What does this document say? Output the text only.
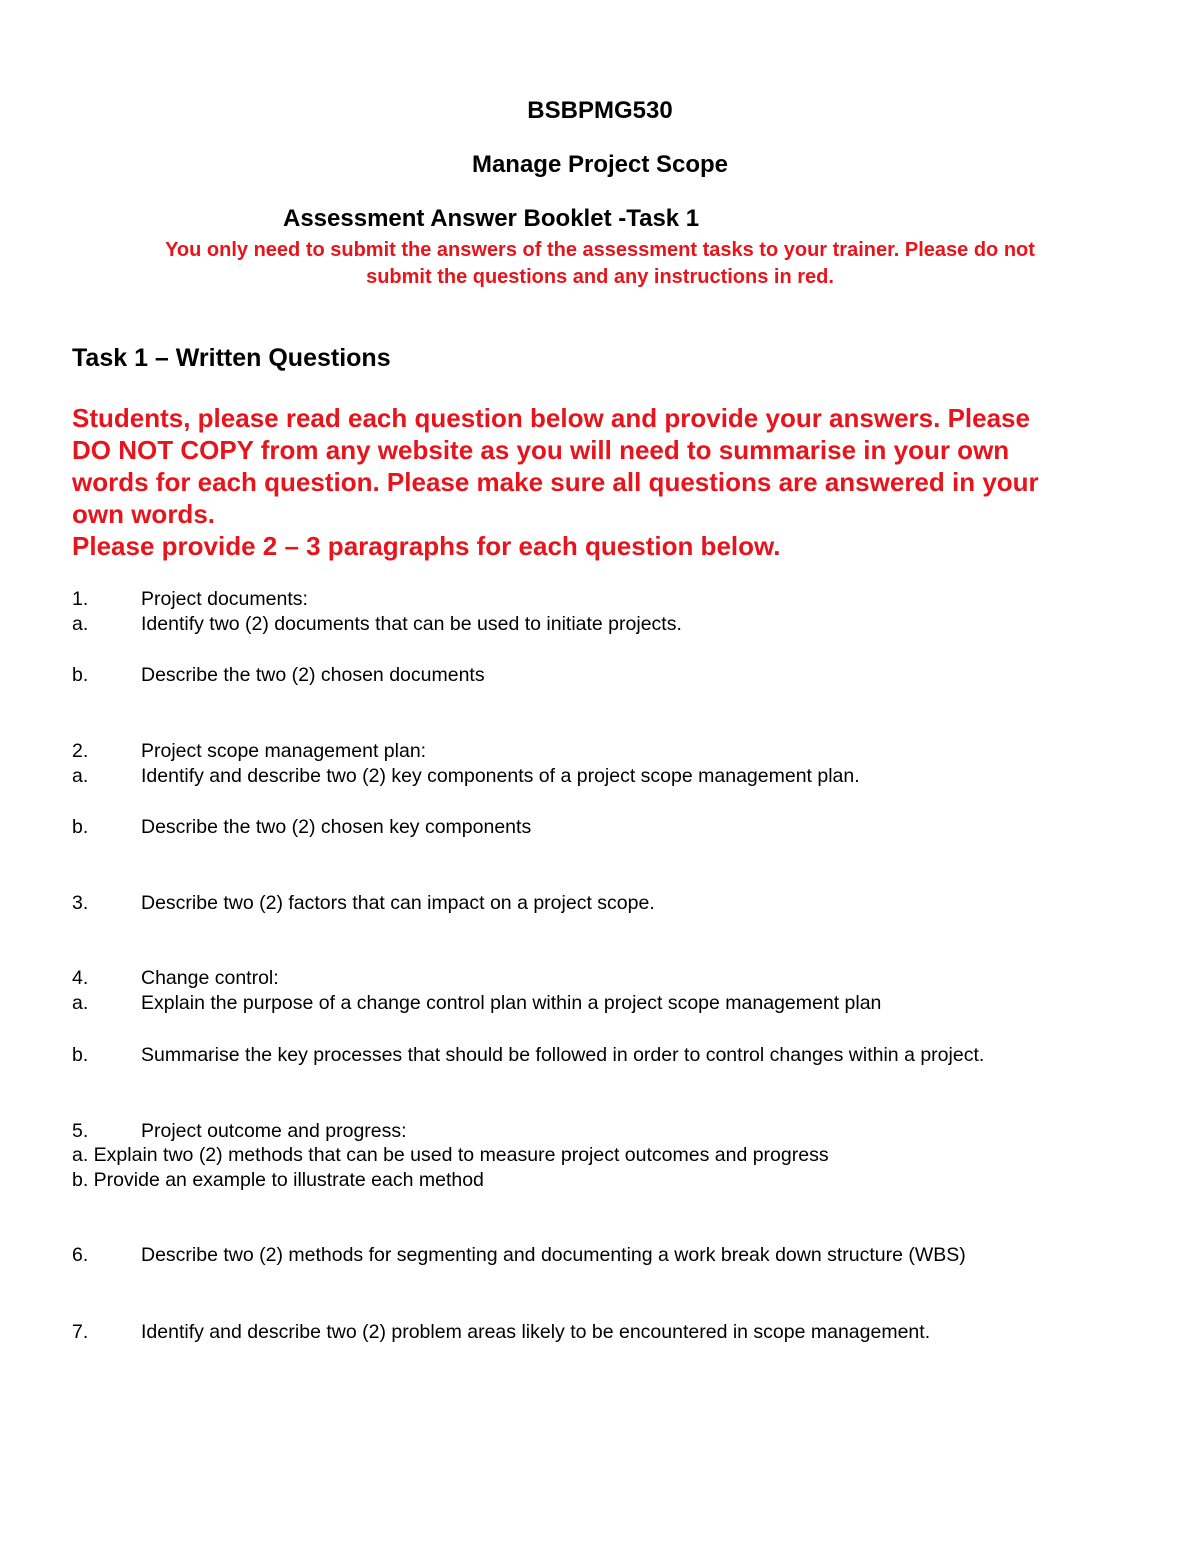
BSBPMG530
Manage Project Scope
Assessment Answer Booklet -Task 1
You only need to submit the answers of the assessment tasks to your trainer. Please do not
submit the questions and any instructions in red.
Task 1 – Written Questions
Students, please read each question below and provide your answers. Please
DO NOT COPY from any website as you will need to summarise in your own
words for each question. Please make sure all questions are answered in your
own words.
Please provide 2 – 3 paragraphs for each question below.
1.	Project documents:
a.	Identify two (2) documents that can be used to initiate projects.
b.	Describe the two (2) chosen documents
2.	Project scope management plan:
a.	Identify and describe two (2) key components of a project scope management plan.
b.	Describe the two (2) chosen key components
3.	Describe two (2) factors that can impact on a project scope.
4.	Change control:
a.	Explain the purpose of a change control plan within a project scope management plan
b.	Summarise the key processes that should be followed in order to control changes within a project.
5.	Project outcome and progress:
a. Explain two (2) methods that can be used to measure project outcomes and progress
b. Provide an example to illustrate each method
6.	Describe two (2) methods for segmenting and documenting a work break down structure (WBS)
7.	Identify and describe two (2) problem areas likely to be encountered in scope management.
